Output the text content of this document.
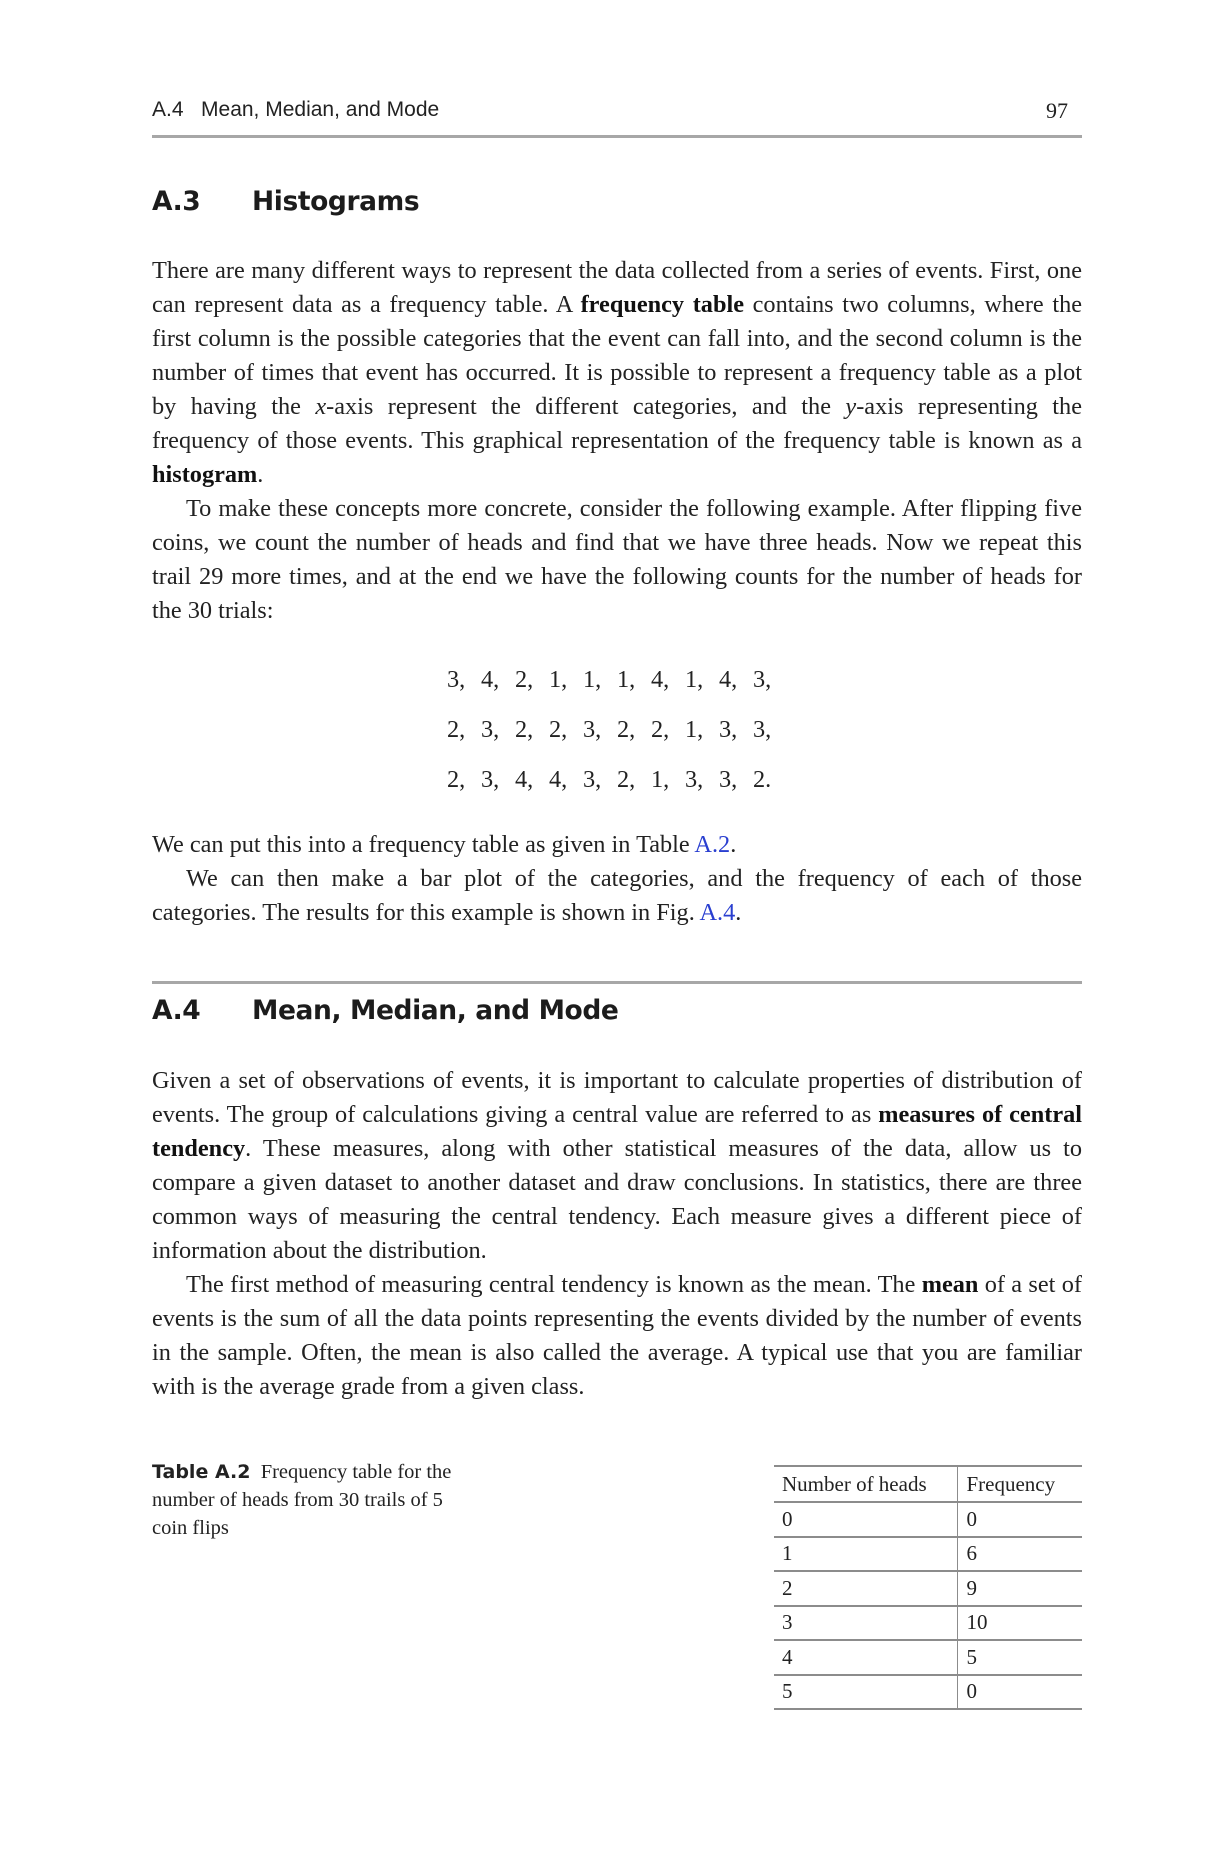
A.4   Mean, Median, and Mode	97
A.3 Histograms

There are many different ways to represent the data collected from a series of events. First, one can represent data as a frequency table. A frequency table contains two columns, where the first column is the possible categories that the event can fall into, and the second column is the number of times that event has occurred. It is possible to represent a frequency table as a plot by having the x-axis represent the different categories, and the y-axis representing the frequency of those events. This graphical representation of the frequency table is known as a histogram.

To make these concepts more concrete, consider the following example. After flipping five coins, we count the number of heads and find that we have three heads. Now we repeat this trail 29 more times, and at the end we have the following counts for the number of heads for the 30 trials:

3, 4, 2, 1, 1, 1, 4, 1, 4, 3,
2, 3, 2, 2, 3, 2, 2, 1, 3, 3,
2, 3, 4, 4, 3, 2, 1, 3, 3, 2.

We can put this into a frequency table as given in Table A.2.

We can then make a bar plot of the categories, and the frequency of each of those categories. The results for this example is shown in Fig. A.4.

A.4 Mean, Median, and Mode

Given a set of observations of events, it is important to calculate properties of distribution of events. The group of calculations giving a central value are referred to as measures of central tendency. These measures, along with other statistical measures of the data, allow us to compare a given dataset to another dataset and draw conclusions. In statistics, there are three common ways of measuring the central tendency. Each measure gives a different piece of information about the distribution.

The first method of measuring central tendency is known as the mean. The mean of a set of events is the sum of all the data points representing the events divided by the number of events in the sample. Often, the mean is also called the average. A typical use that you are familiar with is the average grade from a given class.

Table A.2 Frequency table for the number of heads from 30 trails of 5 coin flips
Number of heads	Frequency
0	0
1	6
2	9
3	10
4	5
5	0
